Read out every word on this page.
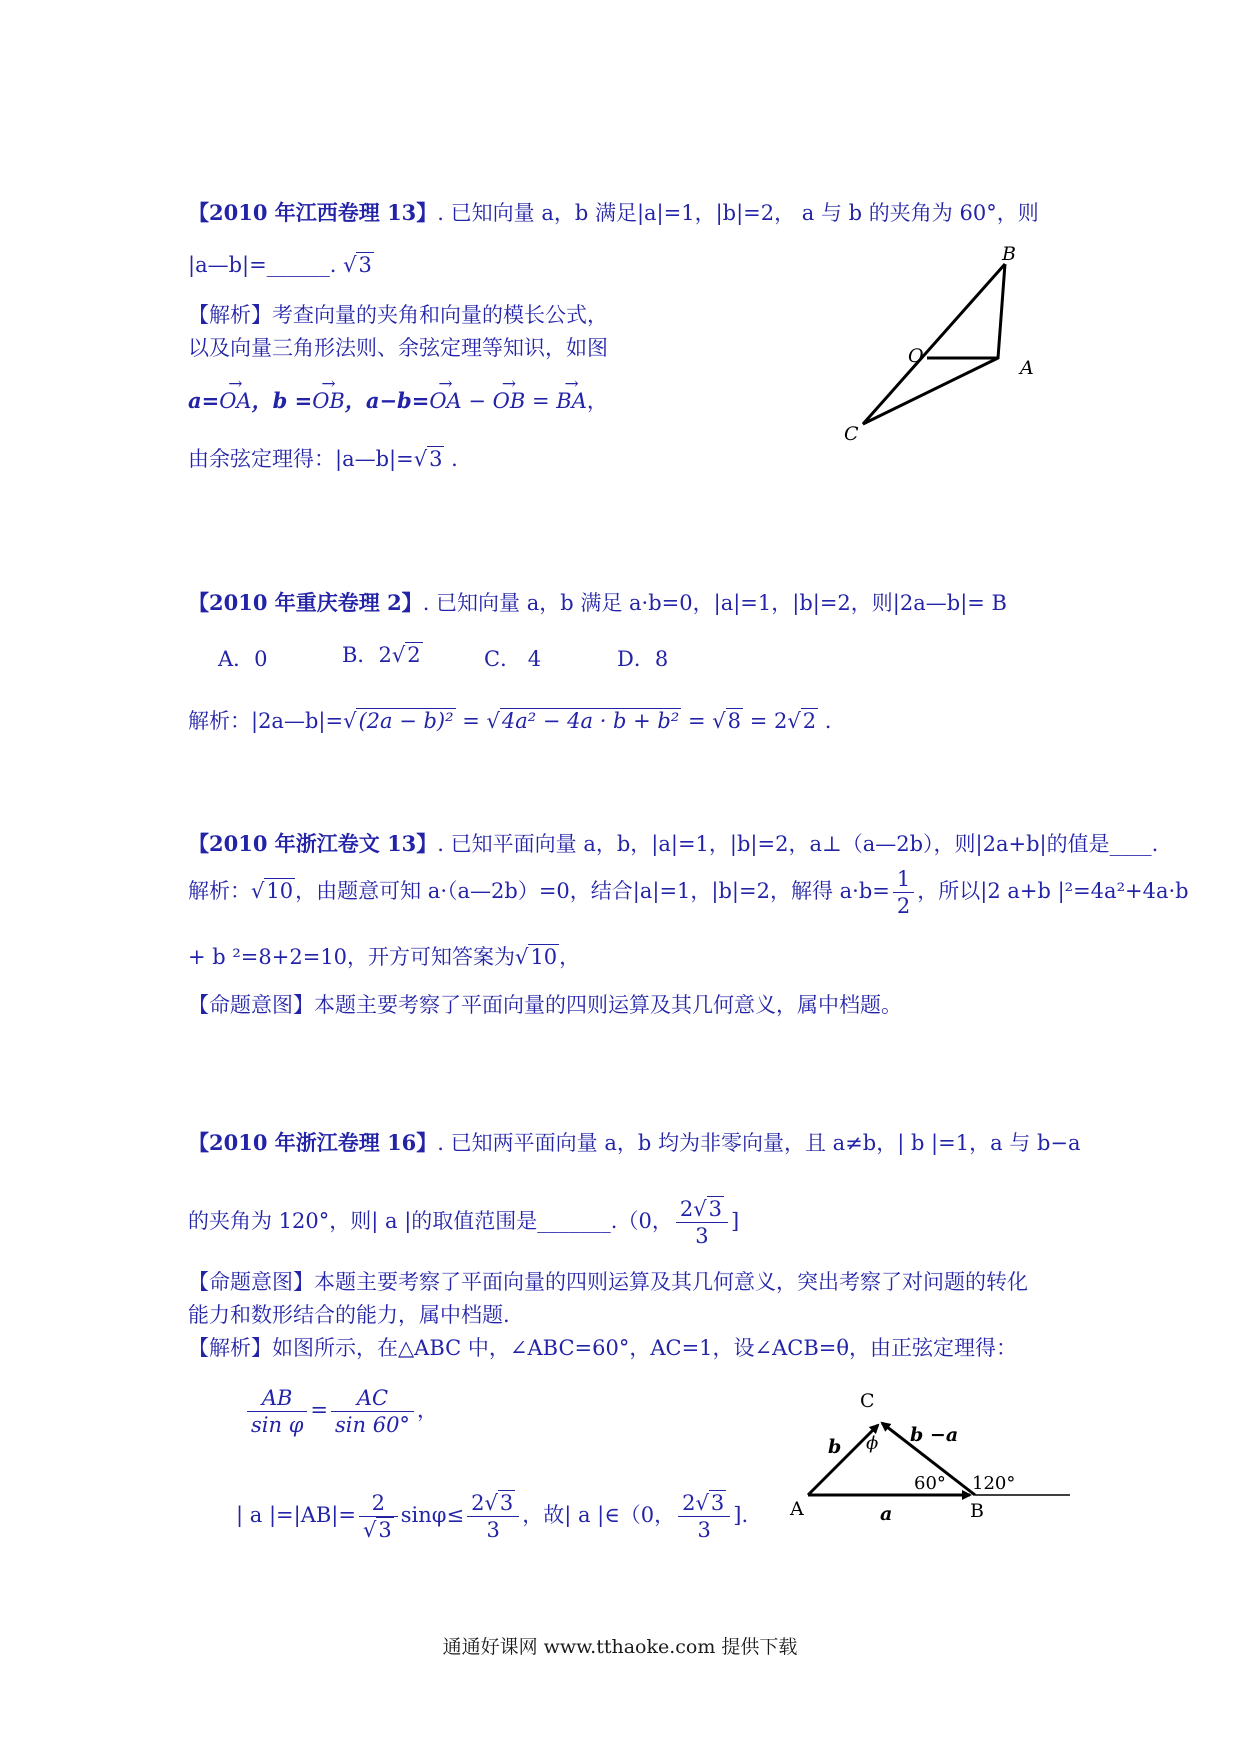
【2010 年江西卷理 13】. 已知向量 a，b 满足|a|=1，|b|=2， a 与 b 的夹角为 60°，则
|a—b|=______. √3
【解析】考查向量的夹角和向量的模长公式，
以及向量三角形法则、余弦定理等知识，如图
a=→ OA，b =→ OB，a−b=→ OA − → OB = → BA，
由余弦定理得：|a—b|=√3 .
B
O
A
C
【2010 年重庆卷理 2】. 已知向量 a，b 满足 a·b=0，|a|=1，|b|=2，则|2a—b|= B
A．0	B．2√2	C． 4	D．8
解析：|2a—b|=√(2a − b)² = √4a² − 4a · b + b² = √8 = 2√2 .
【2010 年浙江卷文 13】. 已知平面向量 a，b，|a|=1，|b|=2，a⊥（a—2b），则|2a+b|的值是____.
解析：√10，由题意可知 a·（a—2b）=0，结合|a|=1，|b|=2，解得 $a\cdot b= \frac{1}{2}$ ，所以|2 a+b |²=4a²+4a·b
+ b ²=8+2=10，开方可知答案为√10，
【命题意图】本题主要考察了平面向量的四则运算及其几何意义，属中档题。
【2010 年浙江卷理 16】. 已知两平面向量 a，b 均为非零向量，且 a≠b，| b |=1，a 与 b−a
的夹角为 120°，则| a |的取值范围是_______.（0， $\frac{2√3}{3}$ ]
【命题意图】本题主要考察了平面向量的四则运算及其几何意义，突出考察了对问题的转化
能力和数形结合的能力，属中档题.
【解析】如图所示，在△ABC 中，∠ABC=60°，AC=1，设∠ACB=θ，由正弦定理得：
$\frac{AB}{\text{sin φ}} = \frac{AC}{\sin 60^\circ}$ ，
| a $|=|AB|= \frac{2}{√3} \sin\varphi\le \frac{2√3}{3}$ ，故| a |∈（0， $\frac{2√3}{3}$ ].
C
A	B
b
b −a
a
ϕ
60° 120°
通通好课网 www.tthaoke.com 提供下载
